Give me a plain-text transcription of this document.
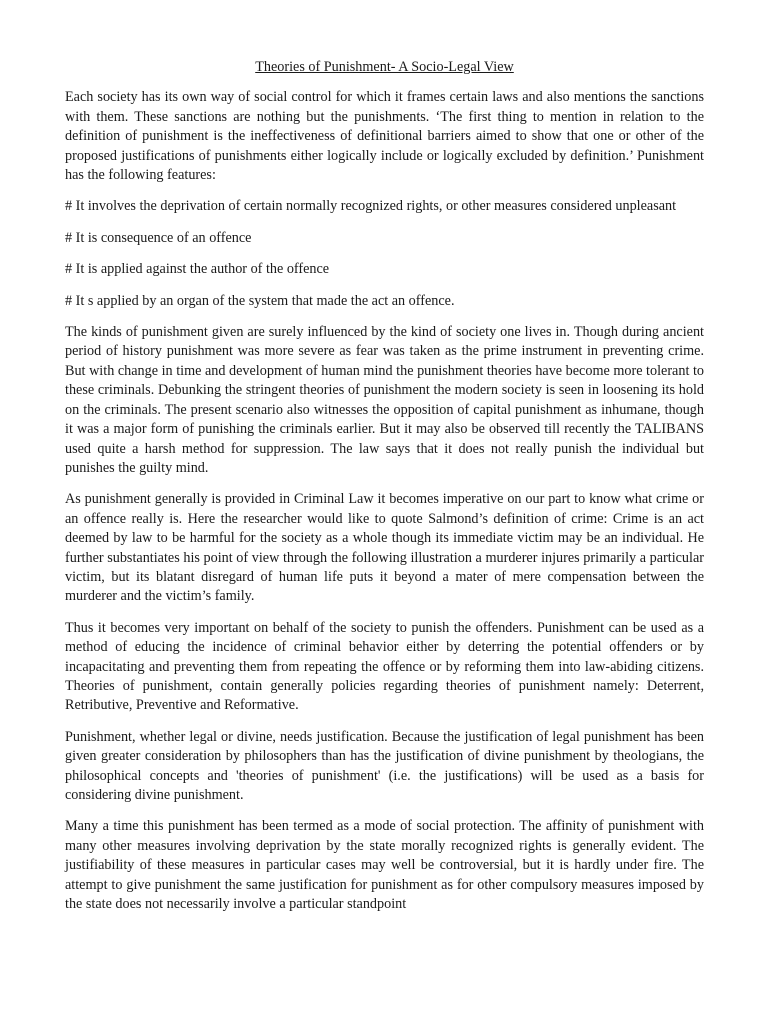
Theories of Punishment- A Socio-Legal View

Each society has its own way of social control for which it frames certain laws and also mentions the sanctions with them. These sanctions are nothing but the punishments. ‘The first thing to mention in relation to the definition of punishment is the ineffectiveness of definitional barriers aimed to show that one or other of the proposed justifications of punishments either logically include or logically excluded by definition.’ Punishment has the following features:

# It involves the deprivation of certain normally recognized rights, or other measures considered unpleasant

# It is consequence of an offence

# It is applied against the author of the offence

# It s applied by an organ of the system that made the act an offence.

The kinds of punishment given are surely influenced by the kind of society one lives in. Though during ancient period of history punishment was more severe as fear was taken as the prime instrument in preventing crime. But with change in time and development of human mind the punishment theories have become more tolerant to these criminals. Debunking the stringent theories of punishment the modern society is seen in loosening its hold on the criminals. The present scenario also witnesses the opposition of capital punishment as inhumane, though it was a major form of punishing the criminals earlier. But it may also be observed till recently the TALIBANS used quite a harsh method for suppression. The law says that it does not really punish the individual but punishes the guilty mind.

As punishment generally is provided in Criminal Law it becomes imperative on our part to know what crime or an offence really is. Here the researcher would like to quote Salmond’s definition of crime: Crime is an act deemed by law to be harmful for the society as a whole though its immediate victim may be an individual. He further substantiates his point of view through the following illustration a murderer injures primarily a particular victim, but its blatant disregard of human life puts it beyond a mater of mere compensation between the murderer and the victim’s family.

Thus it becomes very important on behalf of the society to punish the offenders. Punishment can be used as a method of educing the incidence of criminal behavior either by deterring the potential offenders or by incapacitating and preventing them from repeating the offence or by reforming them into law-abiding citizens. Theories of punishment, contain generally policies regarding theories of punishment namely: Deterrent, Retributive, Preventive and Reformative.

Punishment, whether legal or divine, needs justification. Because the justification of legal punishment has been given greater consideration by philosophers than has the justification of divine punishment by theologians, the philosophical concepts and 'theories of punishment' (i.e. the justifications) will be used as a basis for considering divine punishment.

Many a time this punishment has been termed as a mode of social protection. The affinity of punishment with many other measures involving deprivation by the state morally recognized rights is generally evident. The justifiability of these measures in particular cases may well be controversial, but it is hardly under fire. The attempt to give punishment the same justification for punishment as for other compulsory measures imposed by the state does not necessarily involve a particular standpoint
